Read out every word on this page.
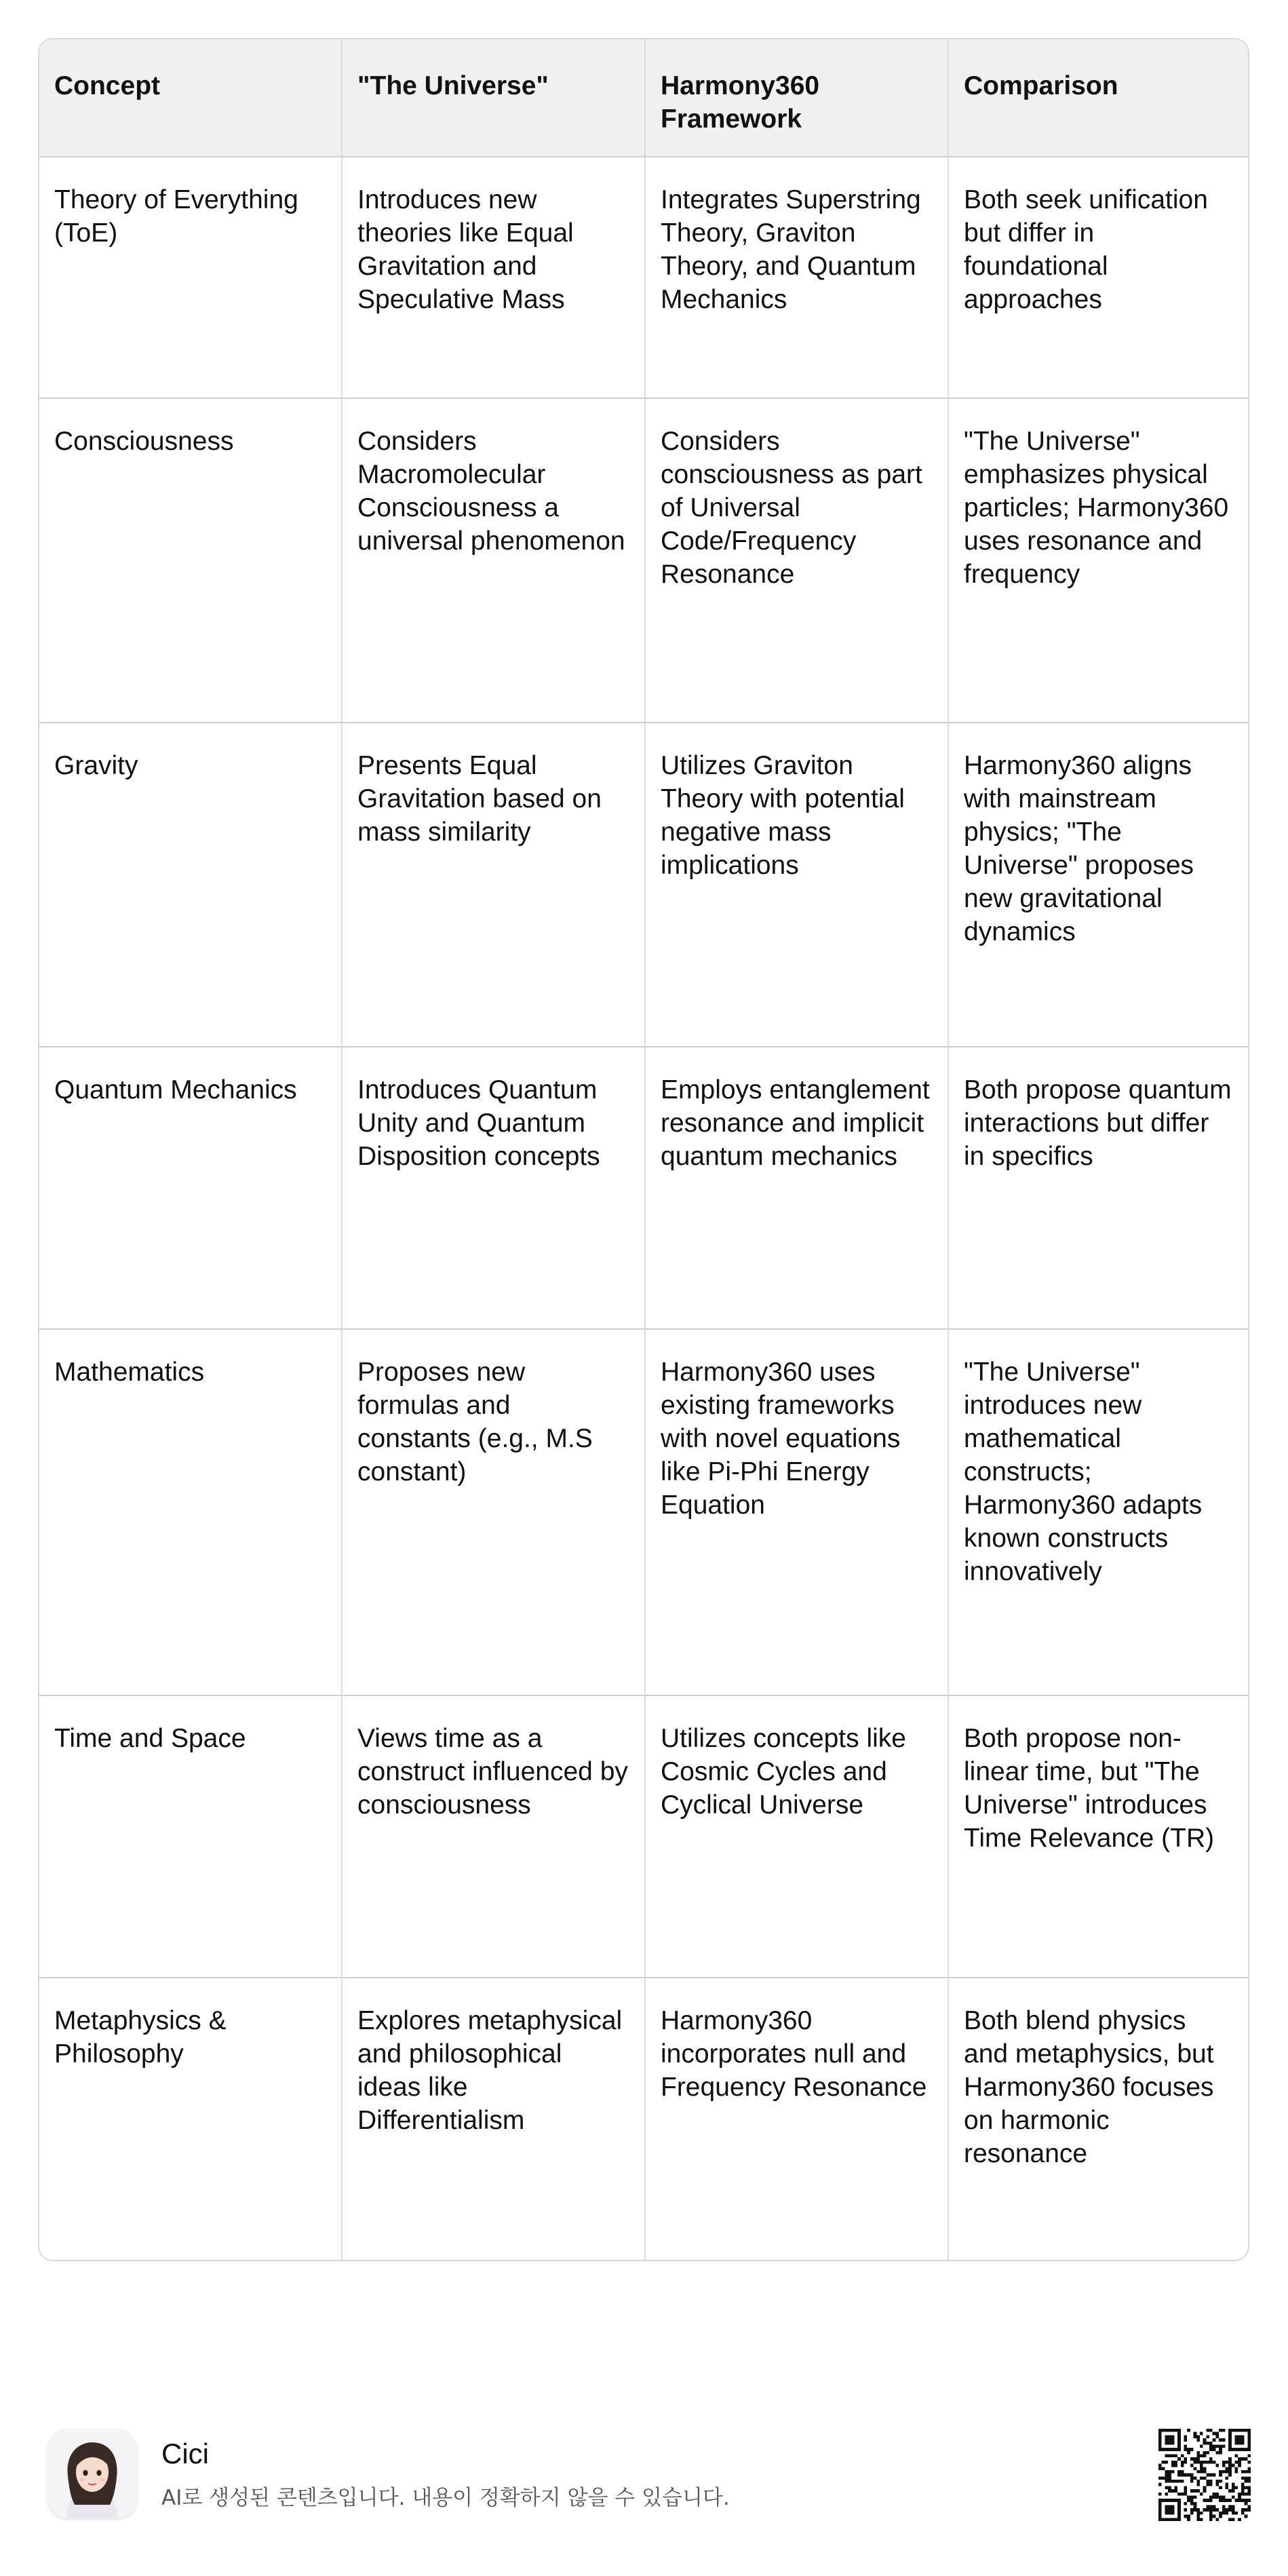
Concept	"The Universe"	Harmony360 Framework	Comparison
Theory of Everything (ToE)	Introduces new theories like Equal Gravitation and Speculative Mass	Integrates Superstring Theory, Graviton Theory, and Quantum Mechanics	Both seek unification but differ in foundational approaches
Consciousness	Considers Macromolecular Consciousness a universal phenomenon	Considers consciousness as part of Universal Code/Frequency Resonance	"The Universe" emphasizes physical particles; Harmony360 uses resonance and frequency
Gravity	Presents Equal Gravitation based on mass similarity	Utilizes Graviton Theory with potential negative mass implications	Harmony360 aligns with mainstream physics; "The Universe" proposes new gravitational dynamics
Quantum Mechanics	Introduces Quantum Unity and Quantum Disposition concepts	Employs entanglement resonance and implicit quantum mechanics	Both propose quantum interactions but differ in specifics
Mathematics	Proposes new formulas and constants (e.g., M.S constant)	Harmony360 uses existing frameworks with novel equations like Pi-Phi Energy Equation	"The Universe" introduces new mathematical constructs; Harmony360 adapts known constructs innovatively
Time and Space	Views time as a construct influenced by consciousness	Utilizes concepts like Cosmic Cycles and Cyclical Universe	Both propose non-linear time, but "The Universe" introduces Time Relevance (TR)
Metaphysics & Philosophy	Explores metaphysical and philosophical ideas like Differentialism	Harmony360 incorporates null and Frequency Resonance	Both blend physics and metaphysics, but Harmony360 focuses on harmonic resonance
Cici
AI로 생성된 콘텐츠입니다. 내용이 정확하지 않을 수 있습니다.
